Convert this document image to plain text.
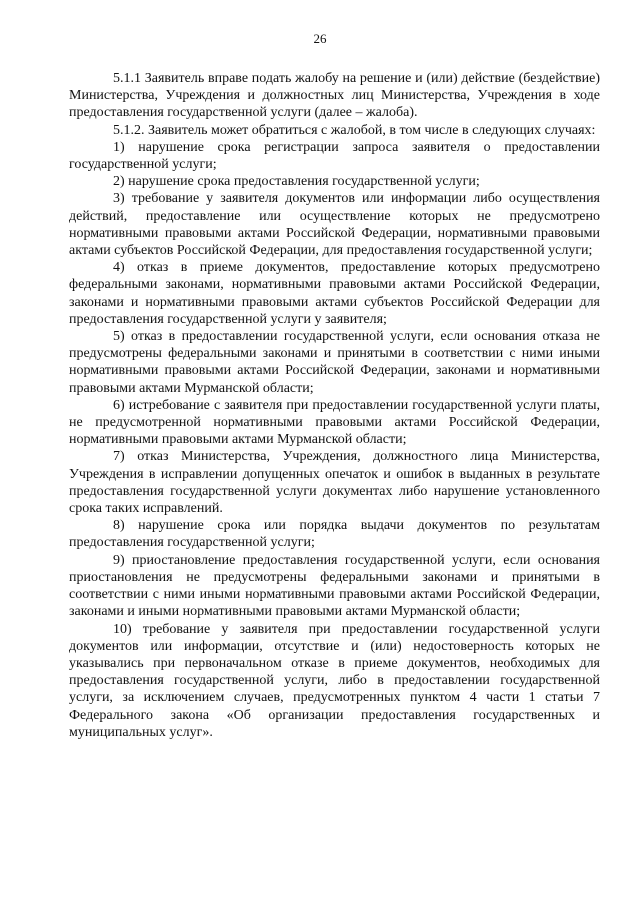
26

5.1.1 Заявитель вправе подать жалобу на решение и (или) действие (бездействие) Министерства, Учреждения и должностных лиц Министерства, Учреждения в ходе предоставления государственной услуги (далее – жалоба).

5.1.2. Заявитель может обратиться с жалобой, в том числе в следующих случаях:

1) нарушение срока регистрации запроса заявителя о предоставлении государственной услуги;

2) нарушение срока предоставления государственной услуги;

3) требование у заявителя документов или информации либо осуществления действий, предоставление или осуществление которых не предусмотрено нормативными правовыми актами Российской Федерации, нормативными правовыми актами субъектов Российской Федерации, для предоставления государственной услуги;

4) отказ в приеме документов, предоставление которых предусмотрено федеральными законами, нормативными правовыми актами Российской Федерации, законами и нормативными правовыми актами субъектов Российской Федерации для предоставления государственной услуги у заявителя;

5) отказ в предоставлении государственной услуги, если основания отказа не предусмотрены федеральными законами и принятыми в соответствии с ними иными нормативными правовыми актами Российской Федерации, законами и нормативными правовыми актами Мурманской области;

6) истребование с заявителя при предоставлении государственной услуги платы, не предусмотренной нормативными правовыми актами Российской Федерации, нормативными правовыми актами Мурманской области;

7) отказ Министерства, Учреждения, должностного лица Министерства, Учреждения в исправлении допущенных опечаток и ошибок в выданных в результате предоставления государственной услуги документах либо нарушение установленного срока таких исправлений.

8) нарушение срока или порядка выдачи документов по результатам предоставления государственной услуги;

9) приостановление предоставления государственной услуги, если основания приостановления не предусмотрены федеральными законами и принятыми в соответствии с ними иными нормативными правовыми актами Российской Федерации, законами и иными нормативными правовыми актами Мурманской области;

10) требование у заявителя при предоставлении государственной услуги документов или информации, отсутствие и (или) недостоверность которых не указывались при первоначальном отказе в приеме документов, необходимых для предоставления государственной услуги, либо в предоставлении государственной услуги, за исключением случаев, предусмотренных пунктом 4 части 1 статьи 7 Федерального закона «Об организации предоставления государственных и муниципальных услуг».
